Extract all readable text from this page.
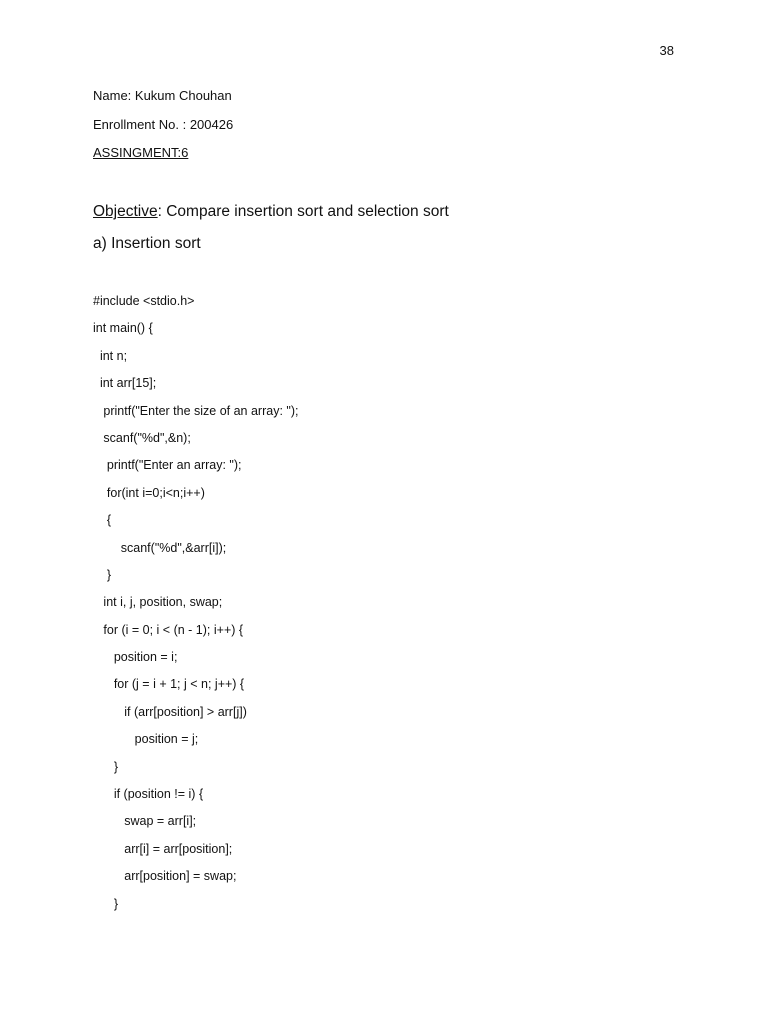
38
Name: Kukum Chouhan
Enrollment No. : 200426
ASSINGMENT:6
Objective: Compare insertion sort and selection sort
a) Insertion sort
#include <stdio.h>
int main() {
int n;
int arr[15];
printf("Enter the size of an array: ");
scanf("%d",&n);
printf("Enter an array: ");
for(int i=0;i<n;i++)
{
scanf("%d",&arr[i]);
}
int i, j, position, swap;
for (i = 0; i < (n - 1); i++) {
position = i;
for (j = i + 1; j < n; j++) {
if (arr[position] > arr[j])
position = j;
}
if (position != i) {
swap = arr[i];
arr[i] = arr[position];
arr[position] = swap;
}
